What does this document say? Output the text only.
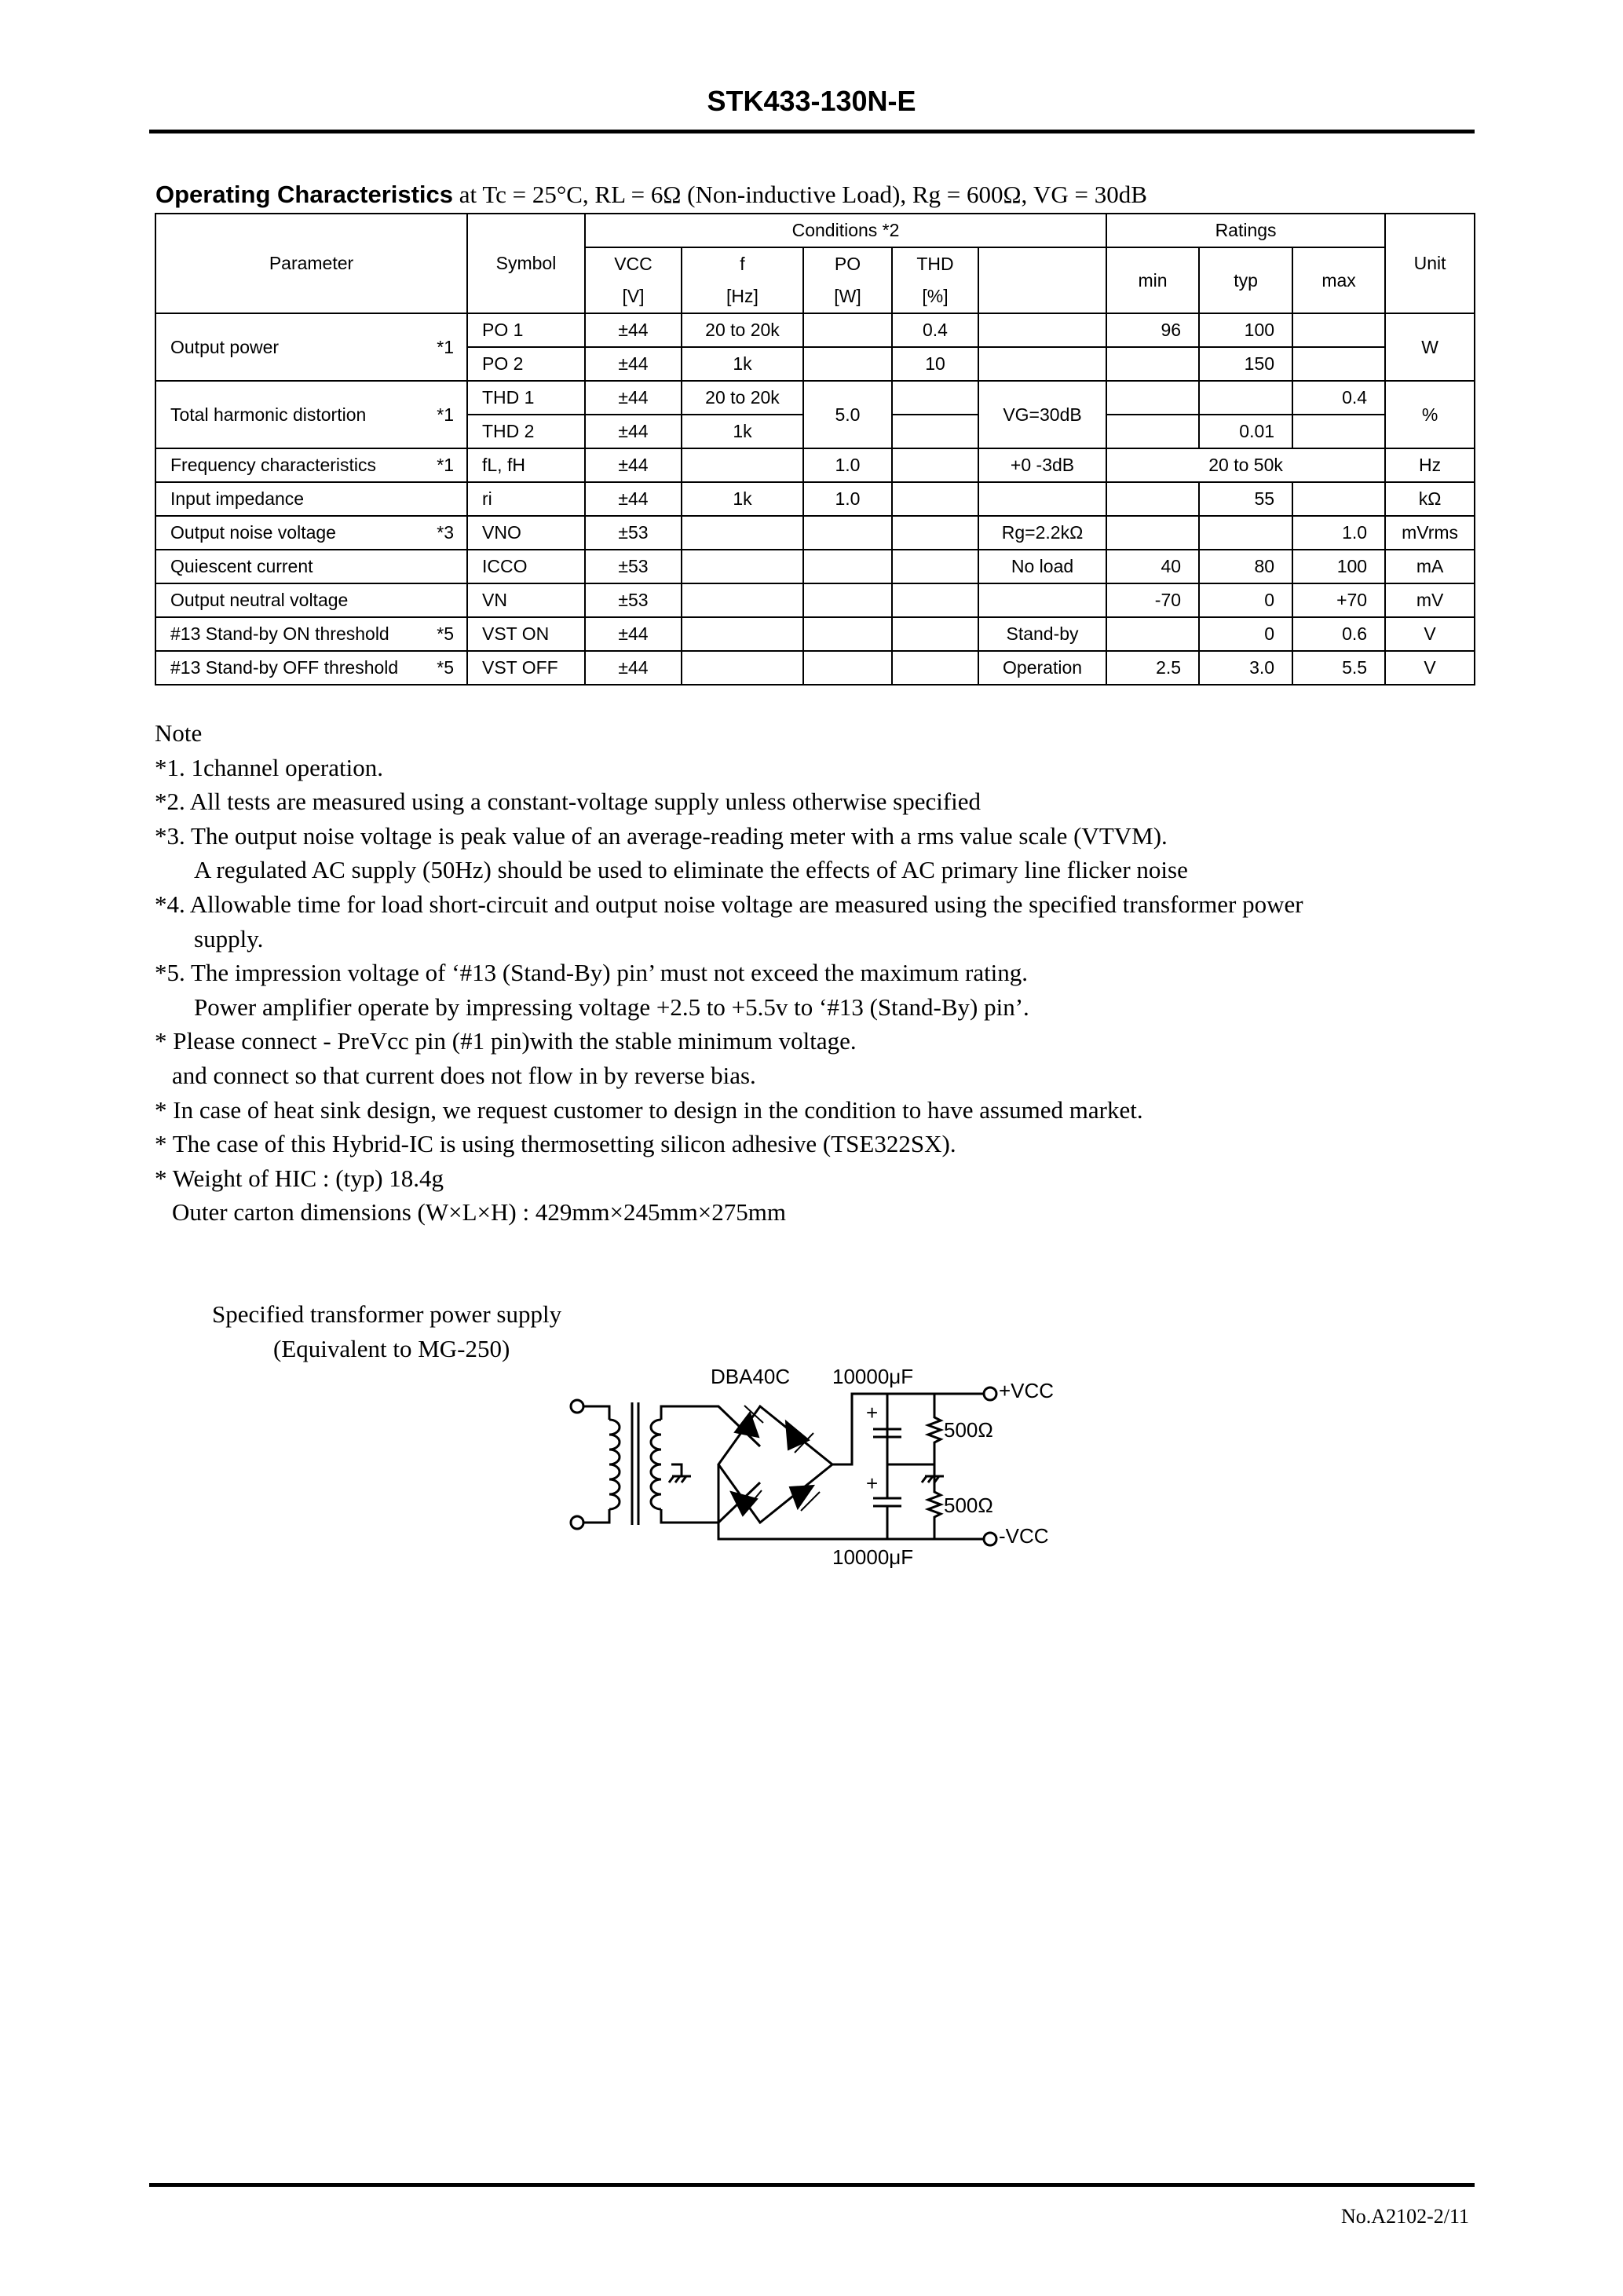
STK433-130N-E
Operating Characteristics at Tc = 25°C, RL = 6Ω (Non-inductive Load), Rg = 600Ω, VG = 30dB
Parameter	Symbol	Conditions *2					Ratings			Unit
		VCC	f	PO	THD		min	typ	max	
		[V]	[Hz]	[W]	[%]					
Output power *1	PO 1	±44	20 to 20k		0.4		96	100		W
	PO 2	±44	1k		10			150		
Total harmonic distortion *1	THD 1	±44	20 to 20k	5.0		VG=30dB			0.4	%
	THD 2	±44	1k					0.01		
Frequency characteristics *1	fL, fH	±44		1.0		+0 -3dB	20 to 50k			Hz
Input impedance	ri	±44	1k	1.0				55		kΩ
Output noise voltage *3	VNO	±53				Rg=2.2kΩ			1.0	mVrms
Quiescent current	ICCO	±53				No load	40	80	100	mA
Output neutral voltage	VN	±53					-70	0	+70	mV
#13 Stand-by ON threshold *5	VST ON	±44				Stand-by		0	0.6	V
#13 Stand-by OFF threshold *5	VST OFF	±44				Operation	2.5	3.0	5.5	V
Note
*1. 1channel operation.
*2. All tests are measured using a constant-voltage supply unless otherwise specified
*3. The output noise voltage is peak value of an average-reading meter with a rms value scale (VTVM).
A regulated AC supply (50Hz) should be used to eliminate the effects of AC primary line flicker noise
*4. Allowable time for load short-circuit and output noise voltage are measured using the specified transformer power
supply.
*5. The impression voltage of ‘#13 (Stand-By) pin’ must not exceed the maximum rating.
Power amplifier operate by impressing voltage +2.5 to +5.5v to ‘#13 (Stand-By) pin’.
* Please connect - PreVcc pin (#1 pin)with the stable minimum voltage.
and connect so that current does not flow in by reverse bias.
* In case of heat sink design, we request customer to design in the condition to have assumed market.
* The case of this Hybrid-IC is using thermosetting silicon adhesive (TSE322SX).
* Weight of HIC : (typ) 18.4g
Outer carton dimensions (W×L×H) : 429mm×245mm×275mm
Specified transformer power supply
(Equivalent to MG-250)
DBA40C 10000μF
10000μF
500Ω
500Ω
+VCC
-VCC
+
+
No.A2102-2/11
